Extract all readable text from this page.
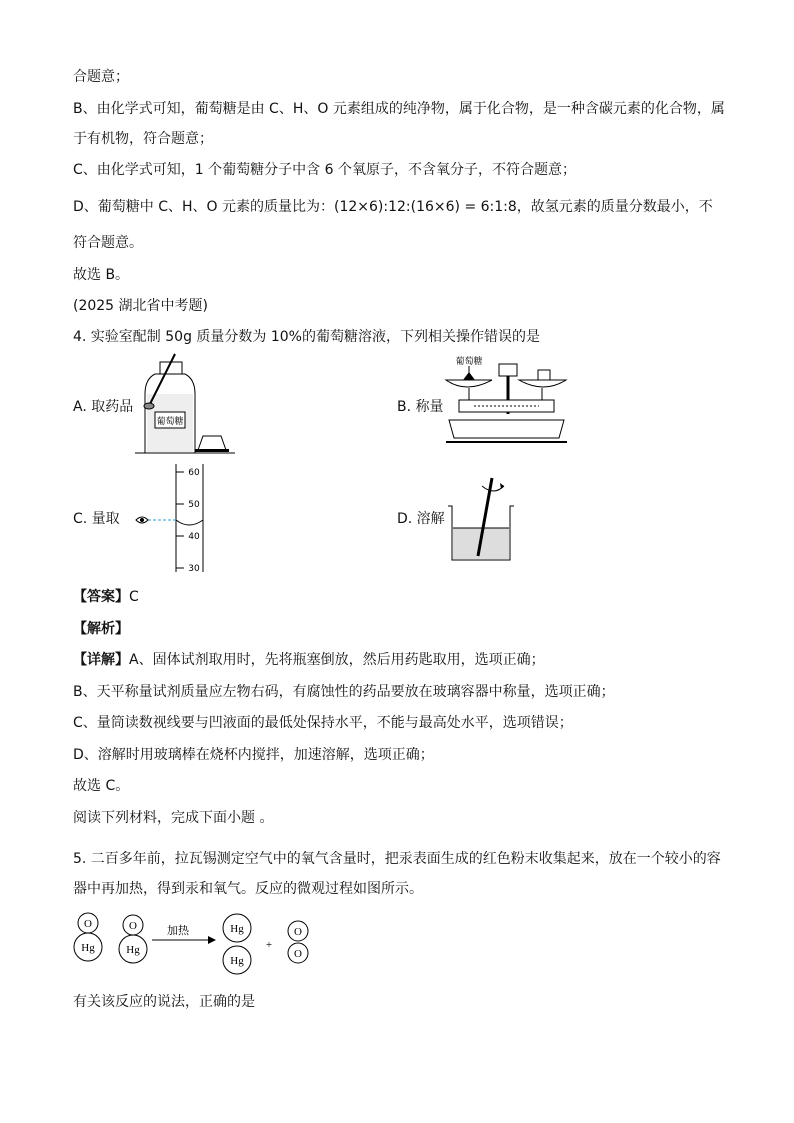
合题意；
B、由化学式可知，葡萄糖是由 C、H、O 元素组成的纯净物，属于化合物，是一种含碳元素的化合物，属
于有机物，符合题意；
C、由化学式可知，1 个葡萄糖分子中含 6 个氧原子，不含氧分子，不符合题意；
D、葡萄糖中 C、H、O 元素的质量比为：(12×6):12:(16×6) = 6:1:8，故氢元素的质量分数最小，不
符合题意。
故选 B。
(2025 湖北省中考题)
4. 实验室配制 50g 质量分数为 10%的葡萄糖溶液，下列相关操作错误的是
A. 取药品
葡萄糖
B. 称量
葡萄糖
C. 量取
60
50
40
30
D. 溶解
【答案】C
【解析】
【详解】A、固体试剂取用时，先将瓶塞倒放，然后用药匙取用，选项正确；
B、天平称量试剂质量应左物右码，有腐蚀性的药品要放在玻璃容器中称量，选项正确；
C、量筒读数视线要与凹液面的最低处保持水平，不能与最高处水平，选项错误；
D、溶解时用玻璃棒在烧杯内搅拌，加速溶解，选项正确；
故选 C。
阅读下列材料，完成下面小题 。
5. 二百多年前，拉瓦锡测定空气中的氧气含量时，把汞表面生成的红色粉末收集起来，放在一个较小的容
器中再加热，得到汞和氧气。反应的微观过程如图所示。
O
Hg
O
Hg
加热	Hg
Hg
+
O
O
有关该反应的说法，正确的是
